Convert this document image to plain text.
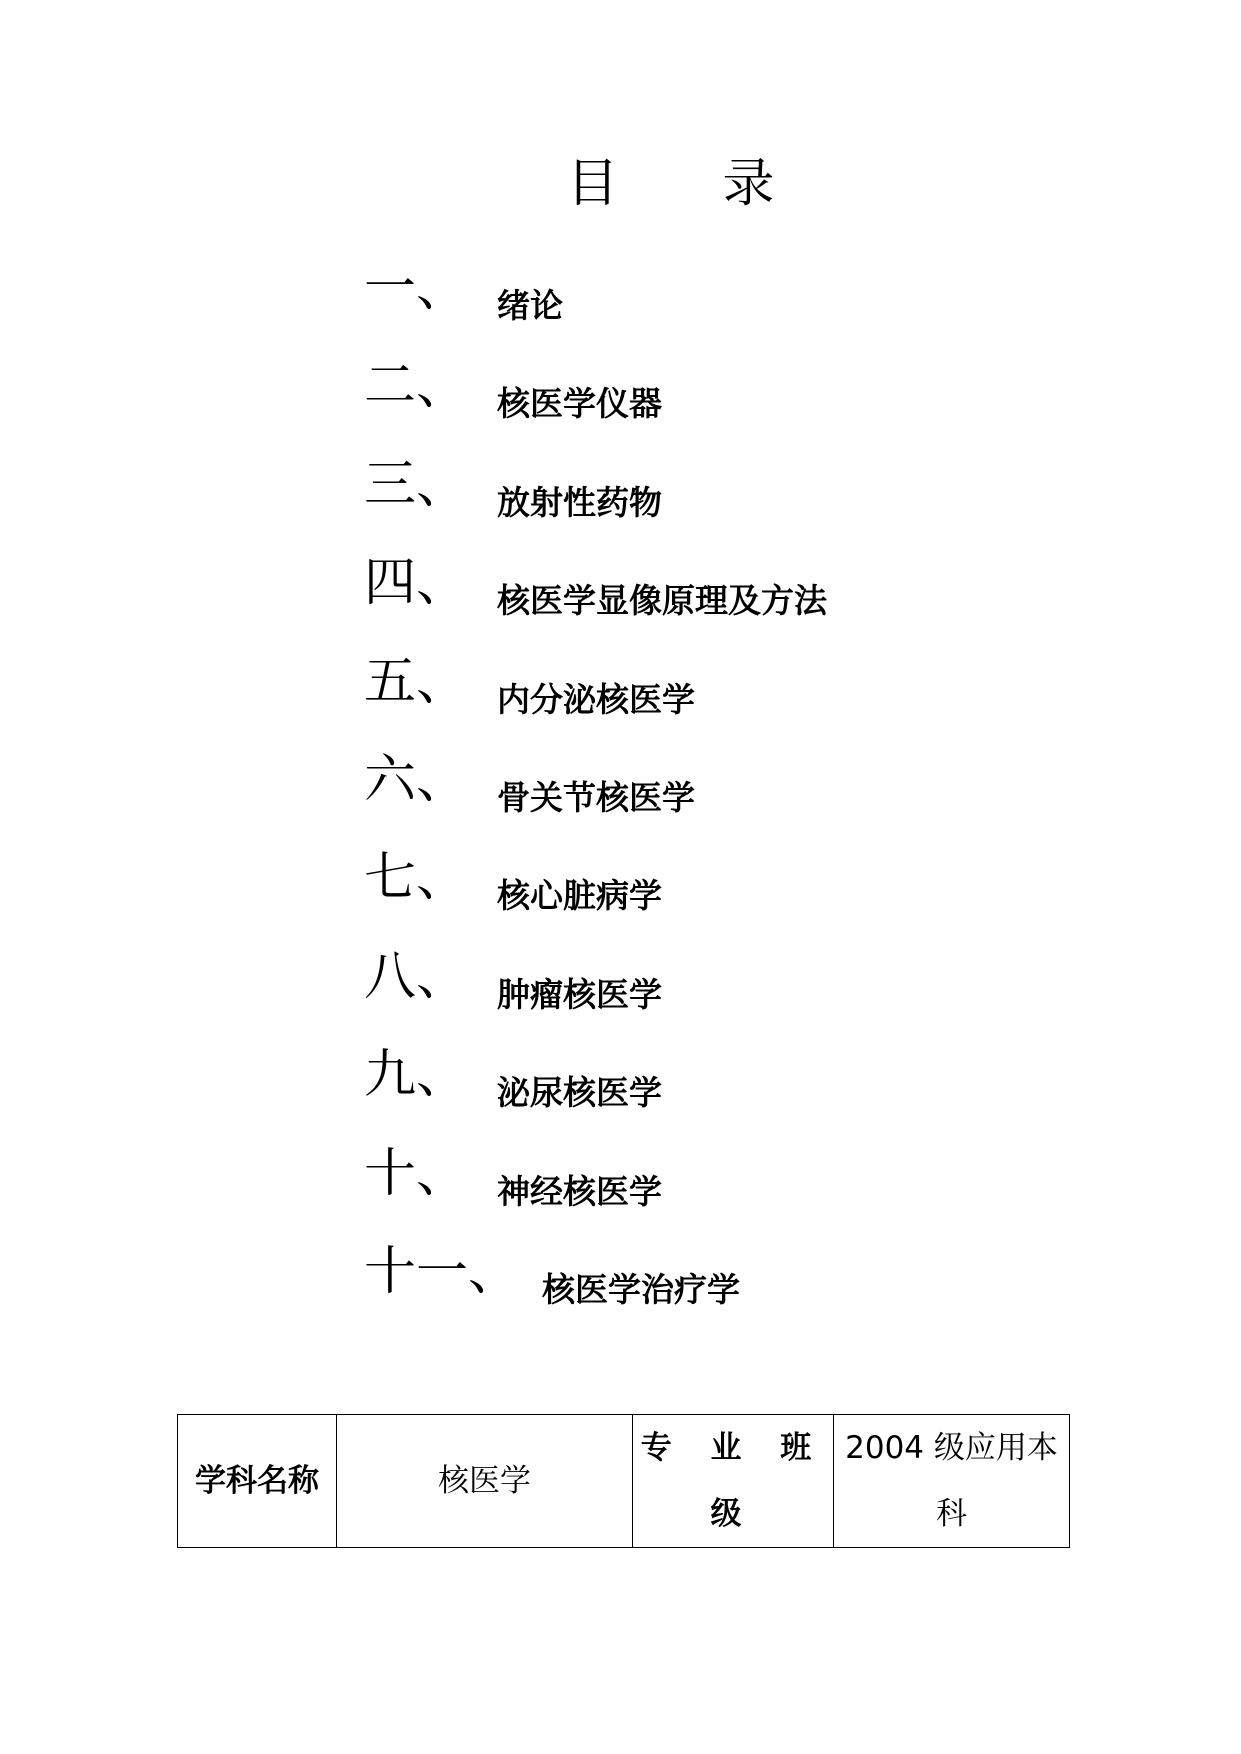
目　　录
一、 绪论
二、 核医学仪器
三、 放射性药物
四、 核医学显像原理及方法
五、 内分泌核医学
六、 骨关节核医学
七、 核心脏病学
八、 肿瘤核医学
九、 泌尿核医学
十、 神经核医学
十一、 核医学治疗学
学科名称	核医学	专 业 班 级	2004 级应用本科
